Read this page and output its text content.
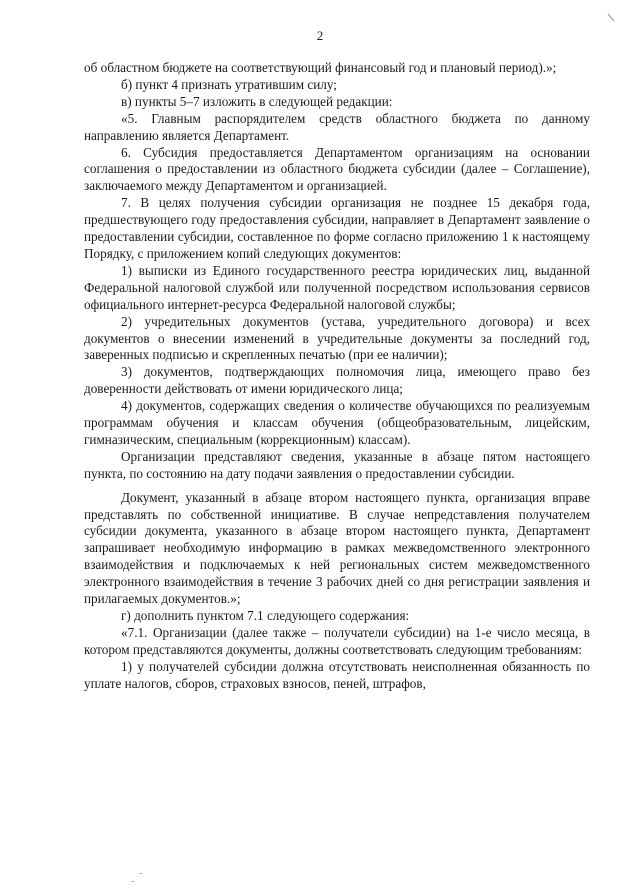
2

об областном бюджете на соответствующий финансовый год и плановый период).»;

б) пункт 4 признать утратившим силу;

в) пункты 5–7 изложить в следующей редакции:

«5. Главным распорядителем средств областного бюджета по данному направлению является Департамент.

6. Субсидия предоставляется Департаментом организациям на основании соглашения о предоставлении из областного бюджета субсидии (далее – Соглашение), заключаемого между Департаментом и организацией.

7. В целях получения субсидии организация не позднее 15 декабря года, предшествующего году предоставления субсидии, направляет в Департамент заявление о предоставлении субсидии, составленное по форме согласно приложению 1 к настоящему Порядку, с приложением копий следующих документов:

1) выписки из Единого государственного реестра юридических лиц, выданной Федеральной налоговой службой или полученной посредством использования сервисов официального интернет-ресурса Федеральной налоговой службы;

2) учредительных документов (устава, учредительного договора) и всех документов о внесении изменений в учредительные документы за последний год, заверенных подписью и скрепленных печатью (при ее наличии);

3) документов, подтверждающих полномочия лица, имеющего право без доверенности действовать от имени юридического лица;

4) документов, содержащих сведения о количестве обучающихся по реализуемым программам обучения и классам обучения (общеобразовательным, лицейским, гимназическим, специальным (коррекционным) классам).

Организации представляют сведения, указанные в абзаце пятом настоящего пункта, по состоянию на дату подачи заявления о предоставлении субсидии.

Документ, указанный в абзаце втором настоящего пункта, организация вправе представлять по собственной инициативе. В случае непредставления получателем субсидии документа, указанного в абзаце втором настоящего пункта, Департамент запрашивает необходимую информацию в рамках межведомственного электронного взаимодействия и подключаемых к ней региональных систем межведомственного электронного взаимодействия в течение 3 рабочих дней со дня регистрации заявления и прилагаемых документов.»;

г) дополнить пунктом 7.1 следующего содержания:

«7.1. Организации (далее также – получатели субсидии) на 1-е число месяца, в котором представляются документы, должны соответствовать следующим требованиям:

1) у получателей субсидии должна отсутствовать неисполненная обязанность по уплате налогов, сборов, страховых взносов, пеней, штрафов,
